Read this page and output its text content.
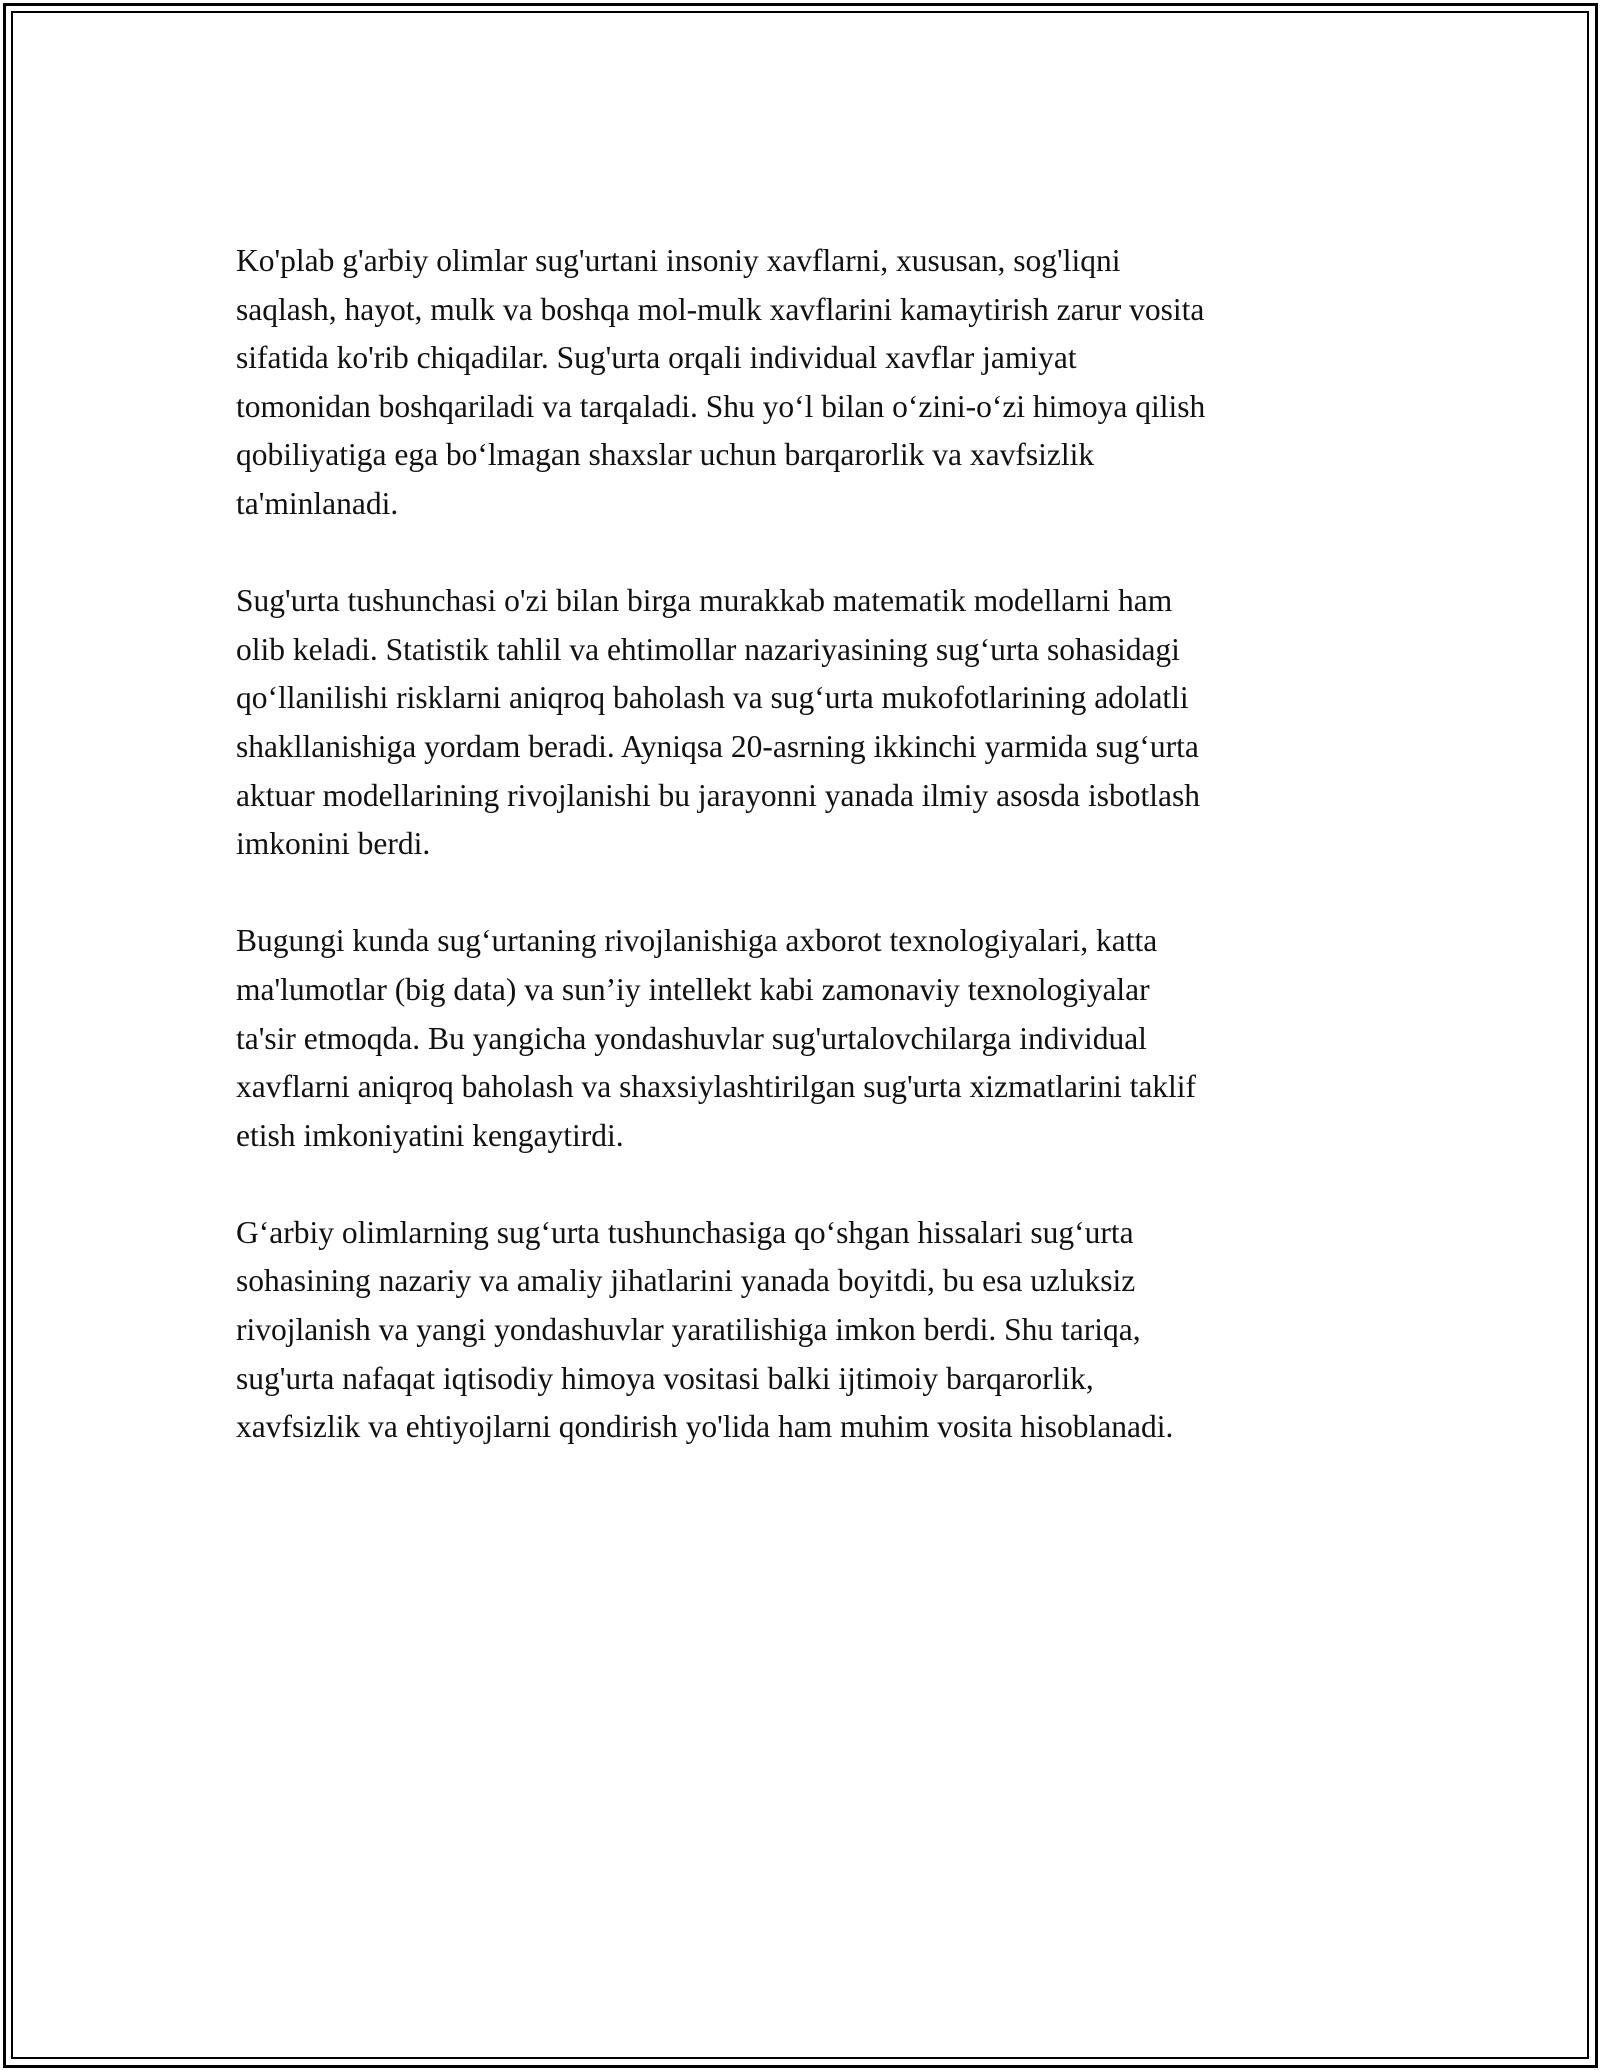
Ko'plab g'arbiy olimlar sug'urtani insoniy xavflarni, xususan, sog'liqni
saqlash, hayot, mulk va boshqa mol-mulk xavflarini kamaytirish zarur vosita
sifatida ko'rib chiqadilar. Sug'urta orqali individual xavflar jamiyat
tomonidan boshqariladi va tarqaladi. Shu yo‘l bilan o‘zini-o‘zi himoya qilish
qobiliyatiga ega bo‘lmagan shaxslar uchun barqarorlik va xavfsizlik
ta'minlanadi.

Sug'urta tushunchasi o'zi bilan birga murakkab matematik modellarni ham
olib keladi. Statistik tahlil va ehtimollar nazariyasining sug‘urta sohasidagi
qo‘llanilishi risklarni aniqroq baholash va sug‘urta mukofotlarining adolatli
shakllanishiga yordam beradi. Ayniqsa 20-asrning ikkinchi yarmida sug‘urta
aktuar modellarining rivojlanishi bu jarayonni yanada ilmiy asosda isbotlash
imkonini berdi.

Bugungi kunda sug‘urtaning rivojlanishiga axborot texnologiyalari, katta
ma'lumotlar (big data) va sun’iy intellekt kabi zamonaviy texnologiyalar
ta'sir etmoqda. Bu yangicha yondashuvlar sug'urtalovchilarga individual
xavflarni aniqroq baholash va shaxsiylashtirilgan sug'urta xizmatlarini taklif
etish imkoniyatini kengaytirdi.

G‘arbiy olimlarning sug‘urta tushunchasiga qo‘shgan hissalari sug‘urta
sohasining nazariy va amaliy jihatlarini yanada boyitdi, bu esa uzluksiz
rivojlanish va yangi yondashuvlar yaratilishiga imkon berdi. Shu tariqa,
sug'urta nafaqat iqtisodiy himoya vositasi balki ijtimoiy barqarorlik,
xavfsizlik va ehtiyojlarni qondirish yo'lida ham muhim vosita hisoblanadi.
